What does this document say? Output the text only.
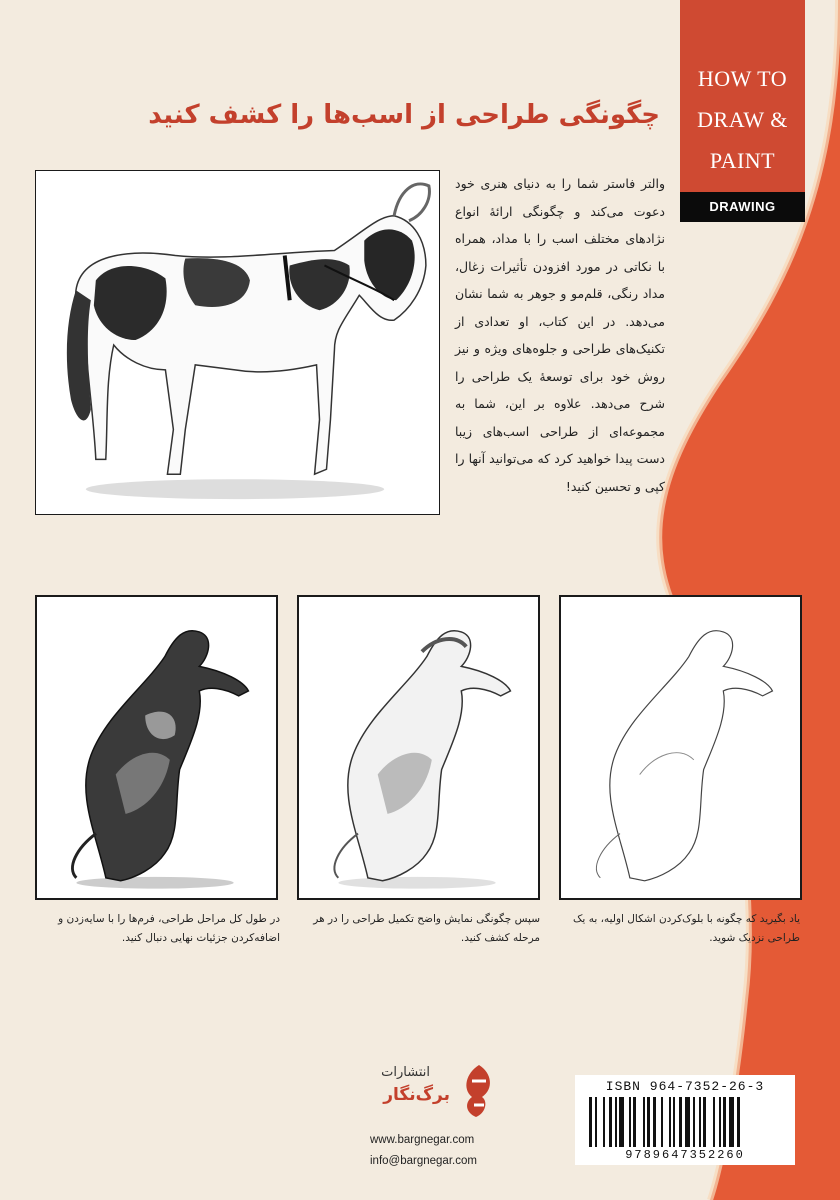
HOW TO
DRAW &
PAINT
DRAWING
چگونگی طراحی از اسب‌ها را کشف کنید
والتر فاستر شما را به دنیای هنری خود دعوت می‌کند و چگونگی ارائهٔ انواع نژادهای مختلف اسب را با مداد، همراه با نکاتی در مورد افزودن تأثیرات زغال، مداد رنگی، قلم‌مو و جوهر به شما نشان می‌دهد. در این کتاب، او تعدادی از تکنیک‌های طراحی و جلوه‌های ویژه و نیز روش خود برای توسعهٔ یک طراحی را شرح می‌دهد. علاوه بر این، شما به مجموعه‌ای از طراحی اسب‌های زیبا دست پیدا خواهید کرد که می‌توانید آنها را کپی و تحسین کنید!
یاد بگیرید که چگونه با بلوک‌کردن اشکال اولیه، به یک طراحی نزدیک شوید.
سپس چگونگی نمایش واضح تکمیل طراحی را در هر مرحله کشف کنید.
در طول کل مراحل طراحی، فرم‌ها را با سایه‌زدن و اضافه‌کردن جزئیات نهایی دنبال کنید.
انتشارات
برگ‌نگار
www.bargnegar.com
info@bargnegar.com
ISBN 964-7352-26-3
9789647352260
